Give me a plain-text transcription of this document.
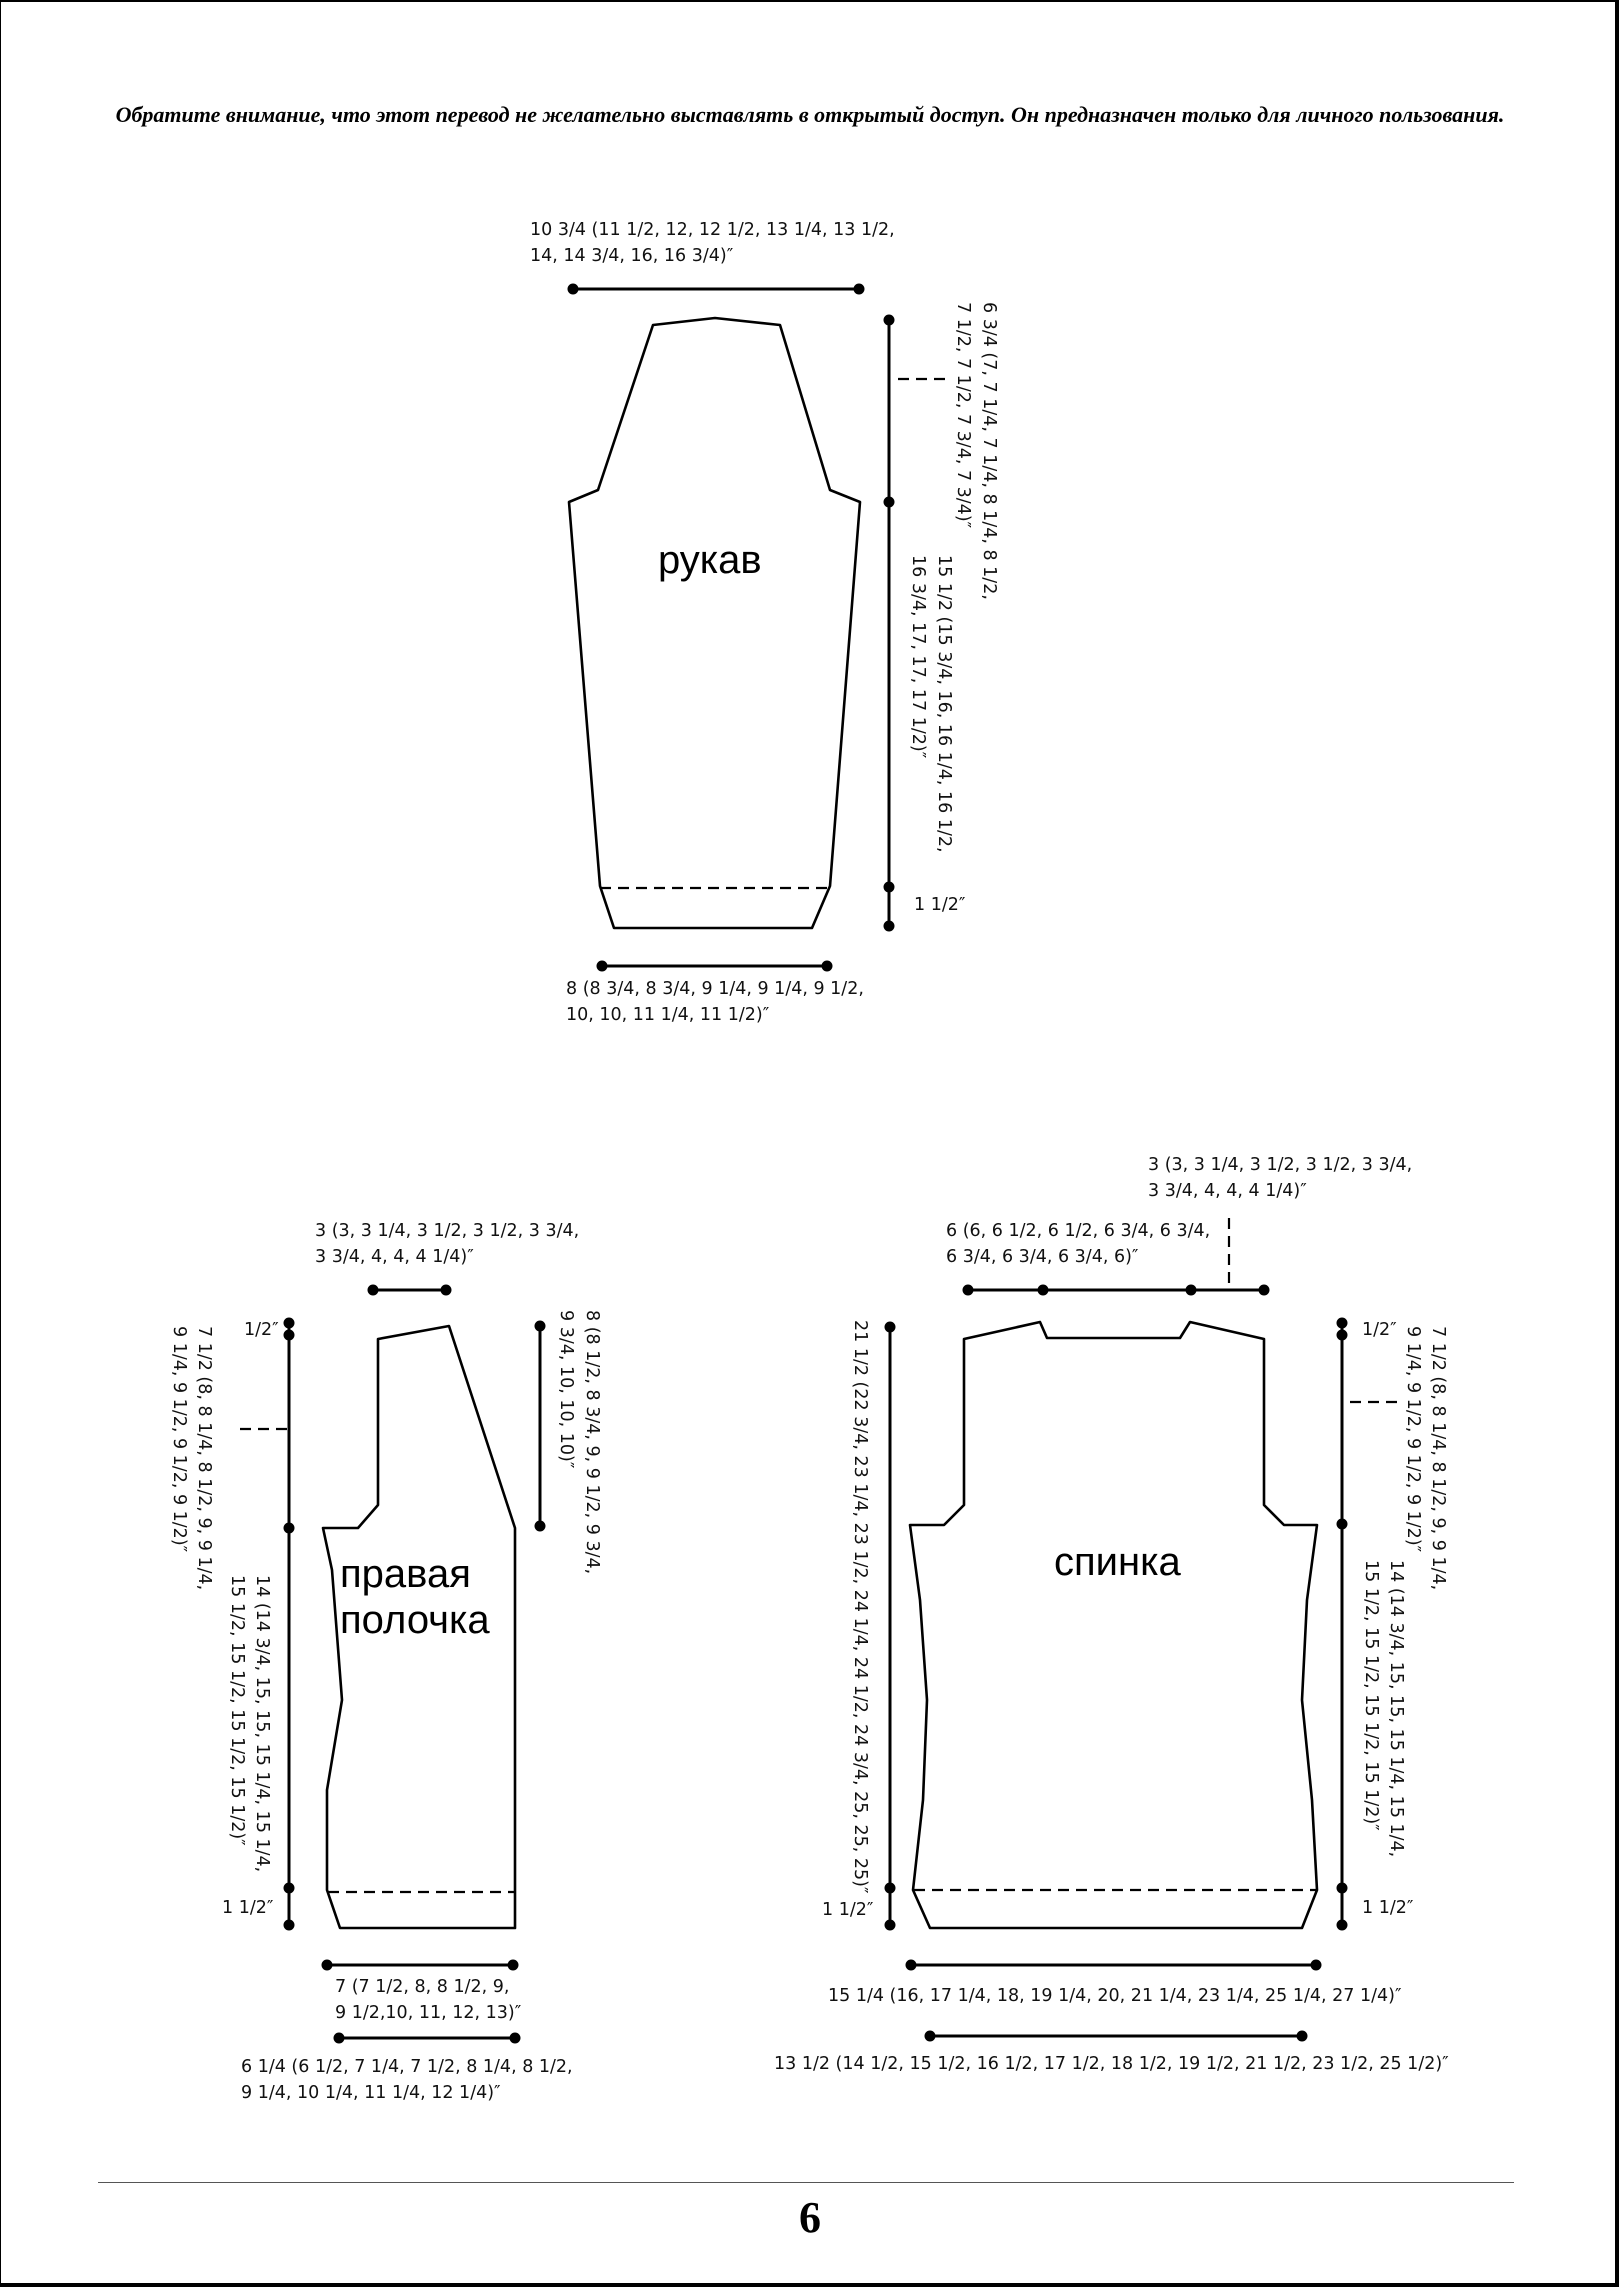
Обратите внимание, что этот перевод не желательно выставлять в открытый доступ. Он предназначен только для личного пользования.
рукав
правая
полочка
спинка
10 3/4 (11 1/2, 12, 12 1/2, 13 1/4, 13 1/2,
14, 14 3/4, 16, 16 3/4)″
6 3/4 (7, 7 1/4, 7 1/4, 8 1/4, 8 1/2,
7 1/2, 7 1/2, 7 3/4, 7 3/4)″
15 1/2 (15 3/4, 16, 16 1/4, 16 1/2,
16 3/4, 17, 17, 17 1/2)″
1 1/2″
8 (8 3/4, 8 3/4, 9 1/4, 9 1/4, 9 1/2,
10, 10, 11 1/4, 11 1/2)″
3 (3, 3 1/4, 3 1/2, 3 1/2, 3 3/4,
3 3/4, 4, 4, 4 1/4)″
1/2″
7 1/2 (8, 8 1/4, 8 1/2, 9, 9 1/4,
9 1/4, 9 1/2, 9 1/2, 9 1/2)″
14 (14 3/4, 15, 15, 15 1/4, 15 1/4,
15 1/2, 15 1/2, 15 1/2, 15 1/2)″
8 (8 1/2, 8 3/4, 9, 9 1/2, 9 3/4,
9 3/4, 10, 10, 10)″
1 1/2″
7 (7 1/2, 8, 8 1/2, 9,
9 1/2,10, 11, 12, 13)″
6 1/4 (6 1/2, 7 1/4, 7 1/2, 8 1/4, 8 1/2,
9 1/4, 10 1/4, 11 1/4, 12 1/4)″
3 (3, 3 1/4, 3 1/2, 3 1/2, 3 3/4,
3 3/4, 4, 4, 4 1/4)″
6 (6, 6 1/2, 6 1/2, 6 3/4, 6 3/4,
6 3/4, 6 3/4, 6 3/4, 6)″
21 1/2 (22 3/4, 23 1/4, 23 1/2, 24 1/4, 24 1/2, 24 3/4, 25, 25, 25)″	1/2″ 7 1/2 (8, 8 1/4, 8 1/2, 9, 9 1/4,
9 1/4, 9 1/2, 9 1/2, 9 1/2)″
14 (14 3/4, 15, 15, 15 1/4, 15 1/4,
15 1/2, 15 1/2, 15 1/2, 15 1/2)″
1 1/2″	1 1/2″
15 1/4 (16, 17 1/4, 18, 19 1/4, 20, 21 1/4, 23 1/4, 25 1/4, 27 1/4)″
13 1/2 (14 1/2, 15 1/2, 16 1/2, 17 1/2, 18 1/2, 19 1/2, 21 1/2, 23 1/2, 25 1/2)″
6
